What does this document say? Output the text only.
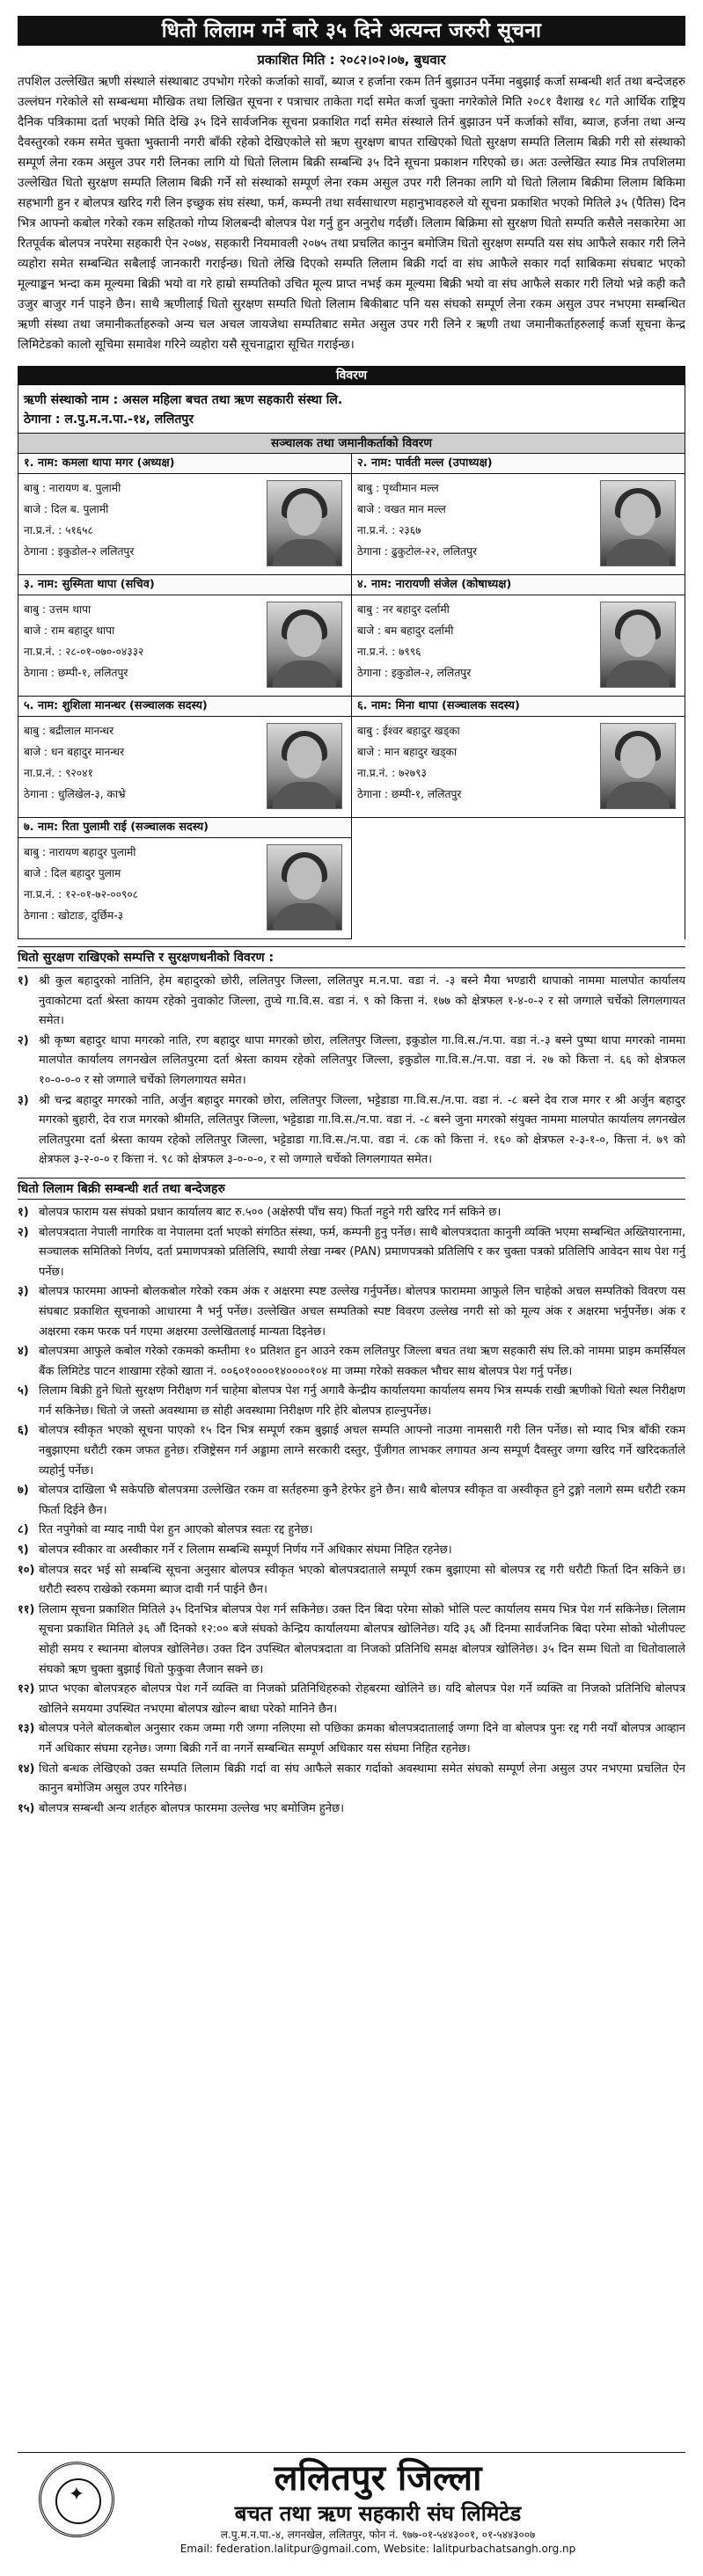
धितो लिलाम गर्ने बारे ३५ दिने अत्यन्त जरुरी सूचना
प्रकाशित मिति : २०८२।०२।०७, बुधवार

तपशिल उल्लेखित ऋणी संस्थाले संस्थाबाट उपभोग गरेको कर्जाको सावाँ, ब्याज र हर्जाना रकम तिर्न बुझाउन पर्नेमा नबुझाई कर्जा सम्बन्धी शर्त तथा बन्देजहरु उल्लंघन गरेकोले सो सम्बन्धमा मौखिक तथा लिखित सूचना र पत्राचार ताकेता गर्दा समेत कर्जा चुक्ता नगरेकोले मिति २०८१ वैशाख १८ गते आर्थिक राष्ट्रिय दैनिक पत्रिकामा दर्ता भएको मिति देखि ३५ दिने सार्वजनिक सूचना प्रकाशित गर्दा समेत संस्थाले तिर्न बुझाउन पर्ने कर्जाको साँवा, ब्याज, हर्जना तथा अन्य दैवस्तुरको रकम समेत चुक्ता भुक्तानी नगरी बाँकी रहेको देखिएकोले सो ऋण सुरक्षण बापत राखिएको धितो सुरक्षण सम्पति लिलाम बिक्री गरी सो संस्थाको सम्पूर्ण लेना रकम असुल उपर गरी लिनका लागि यो धितो लिलाम बिक्री सम्बन्धि ३५ दिने सूचना प्रकाशन गरिएको छ। अतः उल्लेखित स्याड मित्र तपशिलमा उल्लेखित धितो सुरक्षण सम्पति लिलाम बिक्री गर्ने सो संस्थाको सम्पूर्ण लेना रकम असुल उपर गरी लिनका लागि यो धितो लिलाम बिक्रीमा लिलाम बिकिमा सहभागी हुन र बोलपत्र खरिद गरी लिन इच्छुक संघ संस्था, फर्म, कम्पनी तथा सर्वसाधारण महानुभावहरुले यो सूचना प्रकाशित भएको मितिले ३५ (पैतिस) दिन भित्र आफ्नो कबोल गरेको रकम सहितको गोप्य शिलबन्दी बोलपत्र पेश गर्नु हुन अनुरोध गर्दछौं। लिलाम बिक्रिमा सो सुरक्षण धितो सम्पति कसैले नसकारेमा आ रितपूर्वक बोलपत्र नपरेमा सहकारी ऐन २०७४, सहकारी नियमावली २०७५ तथा प्रचलित कानुन बमोजिम धितो सुरक्षण सम्पति यस संघ आफैले सकार गरी लिने व्यहोरा समेत सम्बन्धित सबैलाई जानकारी गराईन्छ। धितो लेखि दिएको सम्पति लिलाम बिक्री गर्दा वा संघ आफैले सकार गर्दा साबिकमा संघबाट भएको मूल्याङ्कन भन्दा कम मूल्यमा बिक्री भयो वा गरे हाम्रो सम्पतिको उचित मूल्य प्राप्त नभई कम मूल्यमा बिक्री भयो वा संघ आफैले सकार गरी लियो भन्ने कही कतै उजुर बाजुर गर्न पाइने छैन। साथै ऋणीलाई धितो सुरक्षण सम्पति धितो लिलाम बिकीबाट पनि यस संघको सम्पूर्ण लेना रकम असुल उपर नभएमा सम्बन्धित ऋणी संस्था तथा जमानीकर्ताहरुको अन्य चल अचल जायजेथा सम्पतिबाट समेत असुल उपर गरी लिने र ऋणी तथा जमानीकर्ताहरुलाई कर्जा सूचना केन्द्र लिमिटेडको कालो सूचिमा समावेश गरिने व्यहोरा यसै सूचनाद्वारा सूचित गराईन्छ।

विवरण
ऋणी संस्थाको नाम : असल महिला बचत तथा ऋण सहकारी संस्था लि.
ठेगाना : ल.पु.म.न.पा.-१४, ललितपुर
सञ्चालक तथा जमानीकर्ताको विवरण
१. नाम: कमला थापा मगर (अध्यक्ष)
बाबु : नारायण ब. पुलामी
बाजे : दिल ब. पुलामी
ना.प्र.नं. : ५१६५८
ठेगाना : इकुडोल-२ ललितपुर
२. नाम: पार्वती मल्ल (उपाध्यक्ष)
बाबु : पृथ्वीमान मल्ल
बाजे : वखत मान मल्ल
ना.प्र.नं. : २३६७
ठेगाना : ढुकुटोल-२२, ललितपुर
३. नाम: सुस्मिता थापा (सचिव)
बाबु : उत्तम थापा
बाजे : राम बहादुर थापा
ना.प्र.नं. : २८-०१-०७०-०४३३२
ठेगाना : छम्पी-१, ललितपुर
४. नाम: नारायणी संजेल (कोषाध्यक्ष)
बाबु : नर बहादुर दर्लामी
बाजे : बम बहादुर दर्लामी
ना.प्र.नं. : ७९९६
ठेगाना : इकुडोल-२, ललितपुर
५. नाम: शुशिला मानन्धर (सञ्चालक सदस्य)
बाबु : बद्रीलाल मानन्धर
बाजे : धन बहादुर मानन्धर
ना.प्र.नं. : ९२०४१
ठेगाना : धुलिखेल-३, काभ्रे
६. नाम: मिना थापा (सञ्चालक सदस्य)
बाबु : ईश्वर बहादुर खड्का
बाजे : मान बहादुर खड्का
ना.प्र.नं. : ७२७९३
ठेगाना : छम्पी-१, ललितपुर
७. नाम: रिता पुलामी राई (सञ्चालक सदस्य)
बाबु : नारायण बहादुर पुलामी
बाजे : दिल बहादुर पुलाम
ना.प्र.नं. : १२-०१-७२-००९०८
ठेगाना : खोटाङ, दुर्छिम-३
धितो सुरक्षण राखिएको सम्पत्ति र सुरक्षणधनीको विवरण :
१) श्री कुल बहादुरको नातिनि, हेम बहादुरको छोरी, ललितपुर जिल्ला, ललितपुर म.न.पा. वडा नं. -३ बस्ने मैया भण्डारी थापाको नाममा मालपोत कार्यालय नुवाकोटमा दर्ता श्रेस्ता कायम रहेको नुवाकोट जिल्ला, तुप्चे गा.वि.स. वडा नं. ९ को कित्ता नं. १७७ को क्षेत्रफल १-४-०-२ र सो जग्गाले चर्चेको लिगलगायत समेत।
२) श्री कृष्ण बहादुर थापा मगरको नाति, रण बहादुर थापा मगरको छोरा, ललितपुर जिल्ला, इकुडोल गा.वि.स./न.पा. वडा नं.-३ बस्ने पुष्पा थापा मगरको नाममा मालपोत कार्यालय लगनखेल ललितपुरमा दर्ता श्रेस्ता कायम रहेको ललितपुर जिल्ला, इकुडोल गा.वि.स./न.पा. वडा नं. २७ को कित्ता नं. ६६ को क्षेत्रफल १०-०-०-० र सो जग्गाले चर्चेको लिगलगायत समेत।
३) श्री चन्द्र बहादुर मगरको नाति, अर्जुन बहादुर मगरको छोरा, ललितपुर जिल्ला, भट्टेडाडा गा.वि.स./न.पा. वडा नं. -८ बस्ने देव राज मगर र श्री अर्जुन बहादुर मगरको बुहारी, देव राज मगरको श्रीमति, ललितपुर जिल्ला, भट्टेडाडा गा.वि.स./न.पा. वडा नं. -८ बस्ने जुना मगरको संयुक्त नाममा मालपोत कार्यालय लगनखेल ललितपुरमा दर्ता श्रेस्ता कायम रहेको ललितपुर जिल्ला, भट्टेडाडा गा.वि.स./न.पा. वडा नं. ८क को कित्ता नं. १६० को क्षेत्रफल २-३-१-०, कित्ता नं. ७९ को क्षेत्रफल ३-२-०-० र कित्ता नं. ९८ को क्षेत्रफल ३-०-०-०, र सो जग्गाले चर्चेको लिगलगायत समेत।
धितो लिलाम बिक्री सम्बन्धी शर्त तथा बन्देजहरु
१) बोलपत्र फाराम यस संघको प्रधान कार्यालय बाट रु.५०० (अक्षेरुपी पाँच सय) फिर्ता नहुने गरी खरिद गर्न सकिने छ।
२) बोलपत्रदाता नेपाली नागरिक वा नेपालमा दर्ता भएको संगठित संस्था, फर्म, कम्पनी हुनु पर्नेछ। साथै बोलपत्रदाता कानुनी व्यक्ति भएमा सम्बन्धित अख्तियारनामा, सञ्चालक समितिको निर्णय, दर्ता प्रमाणपत्रको प्रतिलिपि, स्थायी लेखा नम्बर (PAN) प्रमाणपत्रको प्रतिलिपि र कर चुक्ता पत्रको प्रतिलिपि आवेदन साथ पेश गर्नु पर्नेछ।
३) बोलपत्र फारममा आफ्नो बोलकबोल गरेको रकम अंक र अक्षरमा स्पष्ट उल्लेख गर्नुपर्नेछ। बोलपत्र फाराममा आफुले लिन चाहेको अचल सम्पतिको विवरण यस संघबाट प्रकाशित सूचनाको आधारमा नै भर्नु पर्नेछ। उल्लेखित अचल सम्पतिको स्पष्ट विवरण उल्लेख नगरी सो को मूल्य अंक र अक्षरमा भर्नुपर्नेछ। अंक र अक्षरमा रकम फरक पर्न गएमा अक्षरमा उल्लेखितलाई मान्यता दिइनेछ।
४) बोलपत्रमा आफुले कबोल गरेको रकमको कम्तीमा १० प्रतिशत हुन आउने रकम ललितपुर जिल्ला बचत तथा ऋण सहकारी संघ लि.को नाममा प्राइम कमर्सियल बैंक लिमिटेड पाटन शाखामा रहेको खाता नं. ००६०१००००१४००००१०४ मा जम्मा गरेको सक्कल भौचर साथ बोलपत्र पेश गर्नु पर्नेछ।
५) लिलाम बिक्री हुने धितो सुरक्षण निरीक्षण गर्न चाहेमा बोलपत्र पेश गर्नु अगावै केन्द्रीय कार्यालयमा कार्यालय समय भित्र सम्पर्क राखी ऋणीको धितो स्थल निरीक्षण गर्न सकिनेछ। धितो जे जस्तो अवस्थामा छ सोही अवस्थामा निरीक्षण गरि हेरि बोलपत्र हाल्नुपर्नेछ।
६) बोलपत्र स्वीकृत भएको सूचना पाएको १५ दिन भित्र सम्पूर्ण रकम बुझाई अचल सम्पति आफ्नो नाउमा नामसारी गरी लिन पर्नेछ। सो म्याद भित्र बाँकी रकम नबुझाएमा धरौटी रकम जफत हुनेछ। रजिष्ट्रेसन गर्न अड्डामा लाग्ने सरकारी दस्तुर, पुँजीगत लाभकर लगायत अन्य सम्पूर्ण दैवस्तुर जग्गा खरिद गर्ने खरिदकर्ताले व्यहोर्नु पर्नेछ।
७) बोलपत्र दाखिला भै सकेपछि बोलपत्रमा उल्लेखित रकम वा सर्तहरुमा कुनै हेरफेर हुने छैन। साथै बोलपत्र स्वीकृत वा अस्वीकृत हुने टुङ्गो नलागे सम्म धरौटी रकम फिर्ता दिईने छैन।
८) रित नपुगेको वा म्याद नाघी पेश हुन आएको बोलपत्र स्वतः रद्द हुनेछ।
९) बोलपत्र स्वीकार वा अस्वीकार गर्ने र लिलाम सम्बन्धि सम्पूर्ण निर्णय गर्ने अधिकार संघमा निहित रहनेछ।
१०) बोलपत्र सदर भई सो सम्बन्धि सूचना अनुसार बोलपत्र स्वीकृत भएको बोलपत्रदाताले सम्पूर्ण रकम बुझाएमा सो बोलपत्र रद्द गरी धरौटी फिर्ता दिन सकिने छ। धरौटी स्वरुप राखेको रकममा ब्याज दावी गर्न पाईने छैन।
११) लिलाम सूचना प्रकाशित मितिले ३५ दिनभित्र बोलपत्र पेश गर्न सकिनेछ। उक्त दिन बिदा परेमा सोको भोलि पल्ट कार्यालय समय भित्र पेश गर्न सकिनेछ। लिलाम सूचना प्रकाशित मितिले ३६ औं दिनको १२:०० बजे संघको केन्द्रिय कार्यालयमा बोलपत्र खोलिनेछ। यदि ३६ औं दिनमा सार्वजनिक बिदा परेमा सोको भोलीपल्ट सोही समय र स्थानमा बोलपत्र खोलिनेछ। उक्त दिन उपस्थित बोलपत्रदाता वा निजको प्रतिनिधि समक्ष बोलपत्र खोलिनेछ। ३५ दिन सम्म धितो वा धितोवालाले संघको ऋण चुक्ता बुझाई धितो फुकुवा लैजान सक्ने छ।
१२) प्राप्त भएका बोलपत्रहरु बोलपत्र पेश गर्ने व्यक्ति वा निजको प्रतिनिधिहरुको रोहबरमा खोलिने छ। यदि बोलपत्र पेश गर्ने व्यक्ति वा निजको प्रतिनिधि बोलपत्र खोलिने समयमा उपस्थित नभएमा बोलपत्र खोल्न बाधा परेको मानिने छैन।
१३) बोलपत्र पनेले बोलकबोल अनुसार रकम जम्मा गरी जग्गा नलिएमा सो पछिका क्रमका बोलपत्रदातालाई जग्गा दिने वा बोलपत्र पुनः रद्द गरी नयाँ बोलपत्र आव्हान गर्ने अधिकार संघमा रहनेछ। जग्गा बिक्री गर्ने वा नगर्ने सम्बन्धित सम्पूर्ण अधिकार यस संघमा निहित रहनेछ।
१४) धितो बन्धक लेखिएको उक्त सम्पति लिलाम बिक्री गर्दा वा संघ आफैले सकार गर्दाको अवस्थामा समेत संघको सम्पूर्ण लेना असुल उपर नभएमा प्रचलित ऐन कानुन बमोजिम असुल उपर गरिनेछ।
१५) बोलपत्र सम्बन्धी अन्य शर्तहरु बोलपत्र फारममा उल्लेख भए बमोजिम हुनेछ।
✦	ललितपुर जिल्ला
बचत तथा ऋण सहकारी संघ लिमिटेड
ल.पु.म.न.पा.-४, लगनखेल, ललितपुर, फोन नं. ९७७-०१-५४४३००१, ०१-५४४३००७
Email: federation.lalitpur@gmail.com, Website: lalitpurbachatsangh.org.np
